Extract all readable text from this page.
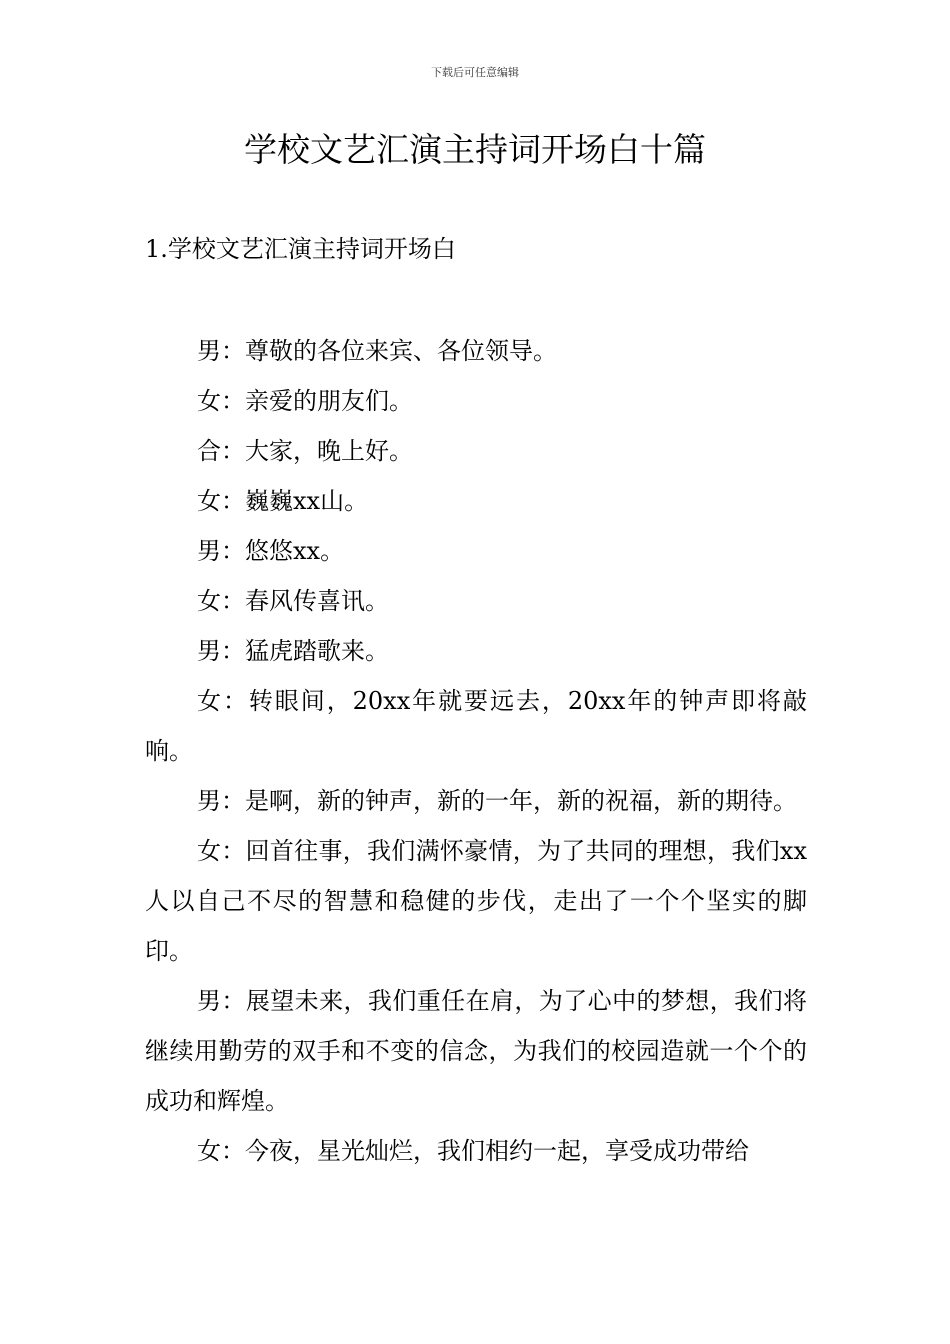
下载后可任意编辑
学校文艺汇演主持词开场白十篇
1.学校文艺汇演主持词开场白

男：尊敬的各位来宾、各位领导。

女：亲爱的朋友们。

合：大家，晚上好。

女：巍巍xx山。

男：悠悠xx。

女：春风传喜讯。

男：猛虎踏歌来。

女：转眼间，20xx年就要远去，20xx年的钟声即将敲响。

男：是啊，新的钟声，新的一年，新的祝福，新的期待。

女：回首往事，我们满怀豪情，为了共同的理想，我们xx人以自己不尽的智慧和稳健的步伐，走出了一个个坚实的脚印。

男：展望未来，我们重任在肩，为了心中的梦想，我们将继续用勤劳的双手和不变的信念，为我们的校园造就一个个的成功和辉煌。

女：今夜，星光灿烂，我们相约一起，享受成功带给
